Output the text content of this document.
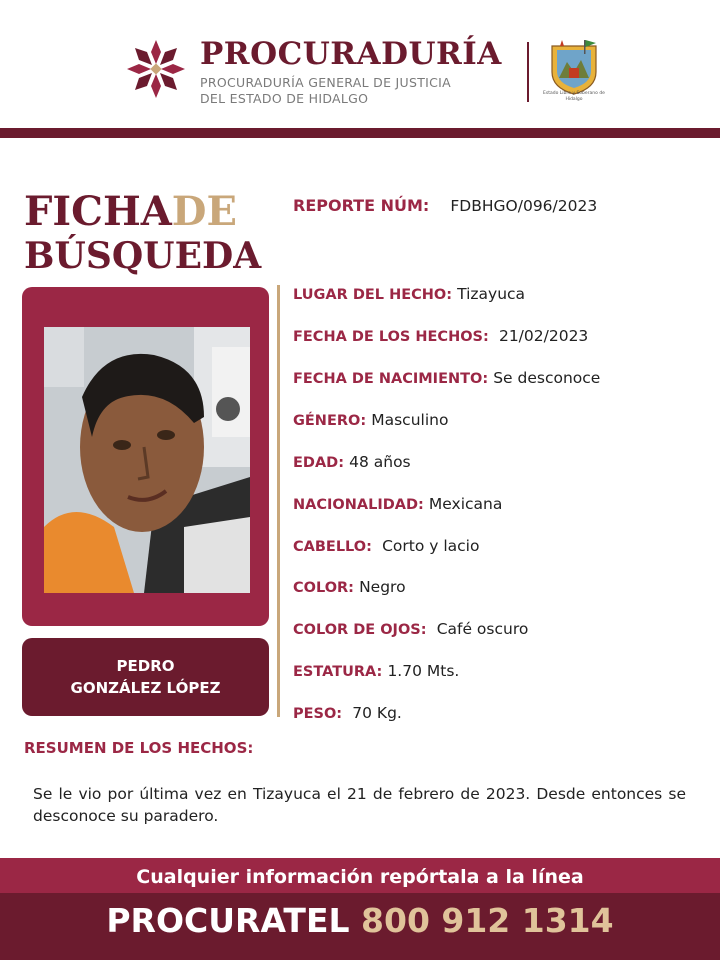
PROCURADURÍA
PROCURADURÍA GENERAL DE JUSTICIA
DEL ESTADO DE HIDALGO	Estado Libre y Soberano de Hidalgo
FICHADE
BÚSQUEDA
PEDRO
GONZÁLEZ LÓPEZ
REPORTE NÚM: FDBHGO/096/2023
LUGAR DEL HECHO: Tizayuca
FECHA DE LOS HECHOS: 21/02/2023
FECHA DE NACIMIENTO: Se desconoce
GÉNERO: Masculino
EDAD: 48 años
NACIONALIDAD: Mexicana
CABELLO: Corto y lacio
COLOR: Negro
COLOR DE OJOS: Café oscuro
ESTATURA: 1.70 Mts.
PESO: 70 Kg.
RESUMEN DE LOS HECHOS:
Se le vio por última vez en Tizayuca el 21 de febrero de 2023. Desde entonces se desconoce su paradero.
Cualquier información repórtala a la línea
PROCURATEL 800 912 1314
